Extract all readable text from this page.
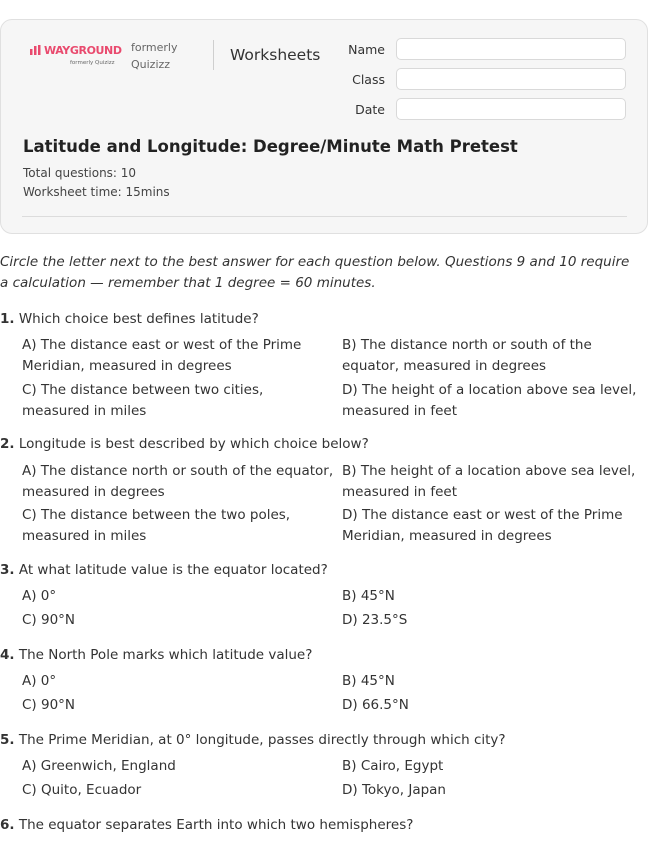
WAYGROUND
formerly Quizizz
formerly Quizizz
Worksheets	Name
Class
Date
Latitude and Longitude: Degree/Minute Math Pretest
Total questions: 10
Worksheet time: 15mins
Circle the letter next to the best answer for each question below. Questions 9 and 10 require a calculation — remember that 1 degree = 60 minutes.
1. Which choice best defines latitude?
A) The distance east or west of the Prime Meridian, measured in degrees
B) The distance north or south of the equator, measured in degrees
C) The distance between two cities, measured in miles
D) The height of a location above sea level, measured in feet
2. Longitude is best described by which choice below?
A) The distance north or south of the equator, measured in degrees
B) The height of a location above sea level, measured in feet
C) The distance between the two poles, measured in miles
D) The distance east or west of the Prime Meridian, measured in degrees
3. At what latitude value is the equator located?
A) 0°	B) 45°N
C) 90°N	D) 23.5°S
4. The North Pole marks which latitude value?
A) 0°	B) 45°N
C) 90°N	D) 66.5°N
5. The Prime Meridian, at 0° longitude, passes directly through which city?
A) Greenwich, England	B) Cairo, Egypt
C) Quito, Ecuador	D) Tokyo, Japan
6. The equator separates Earth into which two hemispheres?
